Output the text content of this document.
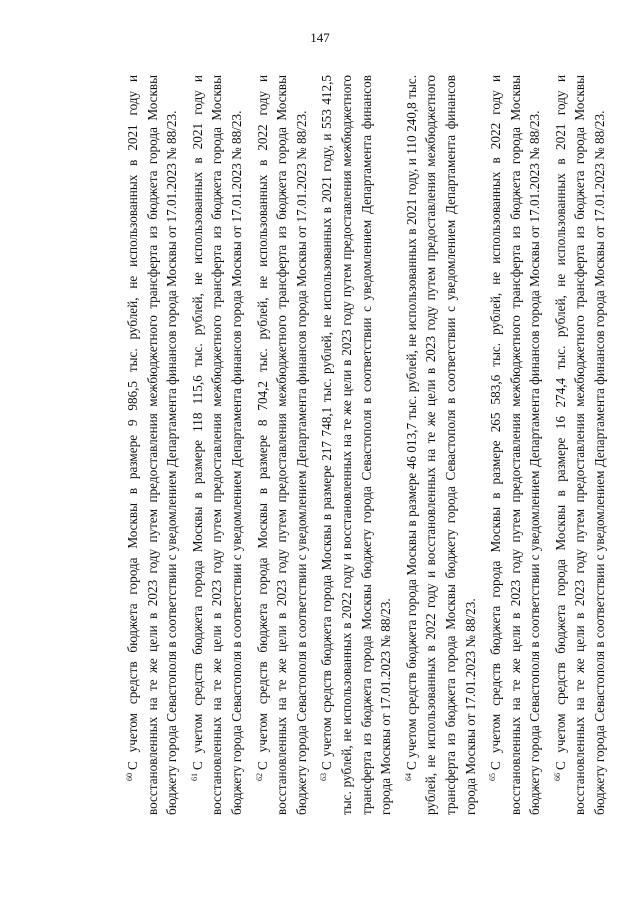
147

$^{60}$С учетом средств бюджета города Москвы в размере 9 986,5 тыс. рублей, не использованных в 2021 году и восстановленных на те же цели в 2023 году путем предоставления межбюджетного трансферта из бюджета города Москвы бюджету города Севастополя в соответствии с уведомлением Департамента финансов города Москвы от 17.01.2023 № 88/23.	$^{61}$С учетом средств бюджета города Москвы в размере 118 115,6 тыс. рублей, не использованных в 2021 году и восстановленных на те же цели в 2023 году путем предоставления межбюджетного трансферта из бюджета города Москвы бюджету города Севастополя в соответствии с уведомлением Департамента финансов города Москвы от 17.01.2023 № 88/23.	$^{62}$С учетом средств бюджета города Москвы в размере 8 704,2 тыс. рублей, не использованных в 2022 году и восстановленных на те же цели в 2023 году путем предоставления межбюджетного трансферта из бюджета города Москвы бюджету города Севастополя в соответствии с уведомлением Департамента финансов города Москвы от 17.01.2023 № 88/23.	$^{63}$С учетом средств бюджета города Москвы в размере 217 748,1 тыс. рублей, не использованных в 2021 году, и 553 412,5 тыс. рублей, не использованных в 2022 году и восстановленных на те же цели в 2023 году путем предоставления межбюджетного трансферта из бюджета города Москвы бюджету города Севастополя в соответствии с уведомлением Департамента финансов города Москвы от 17.01.2023 № 88/23.	$^{64}$С учетом средств бюджета города Москвы в размере 46 013,7 тыс. рублей, не использованных в 2021 году, и 110 240,8 тыс. рублей, не использованных в 2022 году и восстановленных на те же цели в 2023 году путем предоставления межбюджетного трансферта из бюджета города Москвы бюджету города Севастополя в соответствии с уведомлением Департамента финансов города Москвы от 17.01.2023 № 88/23.	$^{65}$С учетом средств бюджета города Москвы в размере 265 583,6 тыс. рублей, не использованных в 2022 году и восстановленных на те же цели в 2023 году путем предоставления межбюджетного трансферта из бюджета города Москвы бюджету города Севастополя в соответствии с уведомлением Департамента финансов города Москвы от 17.01.2023 № 88/23.	$^{66}$С учетом средств бюджета города Москвы в размере 16 274,4 тыс. рублей, не использованных в 2021 году и восстановленных на те же цели в 2023 году путем предоставления межбюджетного трансферта из бюджета города Москвы бюджету города Севастополя в соответствии с уведомлением Департамента финансов города Москвы от 17.01.2023 № 88/23.
